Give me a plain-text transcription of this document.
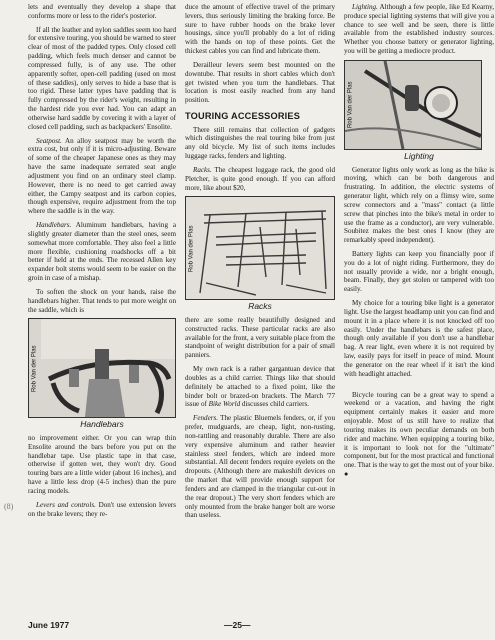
lets and eventually they develop a shape that conforms more or less to the rider's posterior.

If all the leather and nylon saddles seem too hard for extensive touring, you should be warned to steer clear of most of the padded types. Only closed cell padding, which feels much denser and cannot be compressed fully, is of any use. The other apparently softer, open-cell padding (used on most of these saddles), only serves to hide a base that is too rigid. These latter types have padding that is fully compressed by the rider's weight, resulting in the hardest ride you ever had. You can adapt an otherwise hard saddle by covering it with a layer of closed cell padding, such as backpackers' Ensolite.

Seatpost. An alloy seatpost may be worth the extra cost, but only if it is micro-adjusting. Beware of some of the cheaper Japanese ones as they may have the same inadequate serrated seat angle adjustment you find on an ordinary steel clamp. However, there is no need to get carried away either, the Campy seatpost and its carbon copies, though expensive, require adjustment from the top where the saddle is in the way.

Handlebars. Aluminum handlebars, having a slightly greater diameter than the steel ones, seem somewhat more comfortable. They also feel a little more flexible, cushioning roadshocks off a bit better if held at the ends. The recessed Allen key expander bolt stems would seem to be easier on the groin in case of a mishap.

To soften the shock on your hands, raise the handlebars higher. That tends to put more weight on the saddle, which is

Rob Van der Plas
Handlebars

no improvement either. Or you can wrap thin Ensolite around the bars before you put on the handlebar tape. Use plastic tape in that case, otherwise if gotten wet, they won't dry. Good touring bars are a little wider (about 16 inches), and have a little less drop (4-5 inches) than the pure racing models.

Levers and controls. Don't use extension levers on the brake levers; they re-

duce the amount of effective travel of the primary levers, thus seriously limiting the braking force. Be sure to have rubber hoods on the brake lever housings, since you'll probably do a lot of riding with the hands on top of these points. Get the thickest cables you can find and lubricate them.

Derailleur levers seem best mounted on the downtube. That results in short cables which don't get twisted when you turn the handlebars. That location is most easily reached from any hand position.

TOURING ACCESSORIES

There still remains that collection of gadgets which distinguishes the real touring bike from just any old bicycle. My list of such items includes luggage racks, fenders and lighting.

Racks. The cheapest luggage rack, the good old Pletcher, is quite good enough. If you can afford more, like about $20,

Rob Van der Plas
Racks

there are some really beautifully designed and constructed racks. These particular racks are also available for the front, a very suitable place from the standpoint of weight distribution for a pair of small panniers.

My own rack is a rather gargantuan device that doubles as a child carrier. Things like that should definitely be attached to a fixed point, like the binder bolt or brazed-on brackets. The March '77 issue of Bike World discusses child carriers.

Fenders. The plastic Bluemels fenders, or, if you prefer, mudguards, are cheap, light, non-rusting, non-rattling and reasonably durable. There are also very expensive aluminum and rather heavier stainless steel fenders, which are indeed more substantial. All decent fenders require eyelets on the dropouts. (Although there are makeshift devices on the market that will provide enough support for fenders and are clamped in the triangular cut-out in the rear dropout.) The very short fenders which are only mounted from the brake hanger bolt are worse than useless.

Lighting. Although a few people, like Ed Kearny, produce special lighting systems that will give you a chance to see well and be seen, there is little available from the established industry sources. Whether you choose battery or generator lighting, you will be getting a mediocre product.

Rob Van der Plas
Lighting

Generator lights only work as long as the bike is moving, which can be both dangerous and frustrating. In addition, the electric systems of generator light, which rely on a flimsy wire, some screw connectors and a "mass" contact (a little screw that pinches into the bike's metal in order to use the frame as a conductor), are very vulnerable. Soubitez makes the best ones I know (they are remarkably speed independent).

Battery lights can keep you financially poor if you do a lot of night riding. Furthermore, they do not usually provide a wide, nor a bright enough, beam. Finally, they get stolen or tampered with too easily.

My choice for a touring bike light is a generator light. Use the largest headlamp unit you can find and mount it in a place where it is not knocked off too easily. Under the handlebars is the safest place, though only available if you don't use a handlebar bag. A rear light, even where it is not required by law, easily pays for itself in peace of mind. Mount the generator on the rear wheel if it isn't the kind with headlight attached.

Bicycle touring can be a great way to spend a weekend or a vacation, and having the right equipment certainly makes it easier and more enjoyable. Most of us still have to realize that touring makes its own peculiar demands on both rider and machine. When equipping a touring bike, it is important to look not for the "ultimate" component, but for the most practical and functional one. That is the way to get the most out of your bike. ●

(8)
June 1977	—25—
